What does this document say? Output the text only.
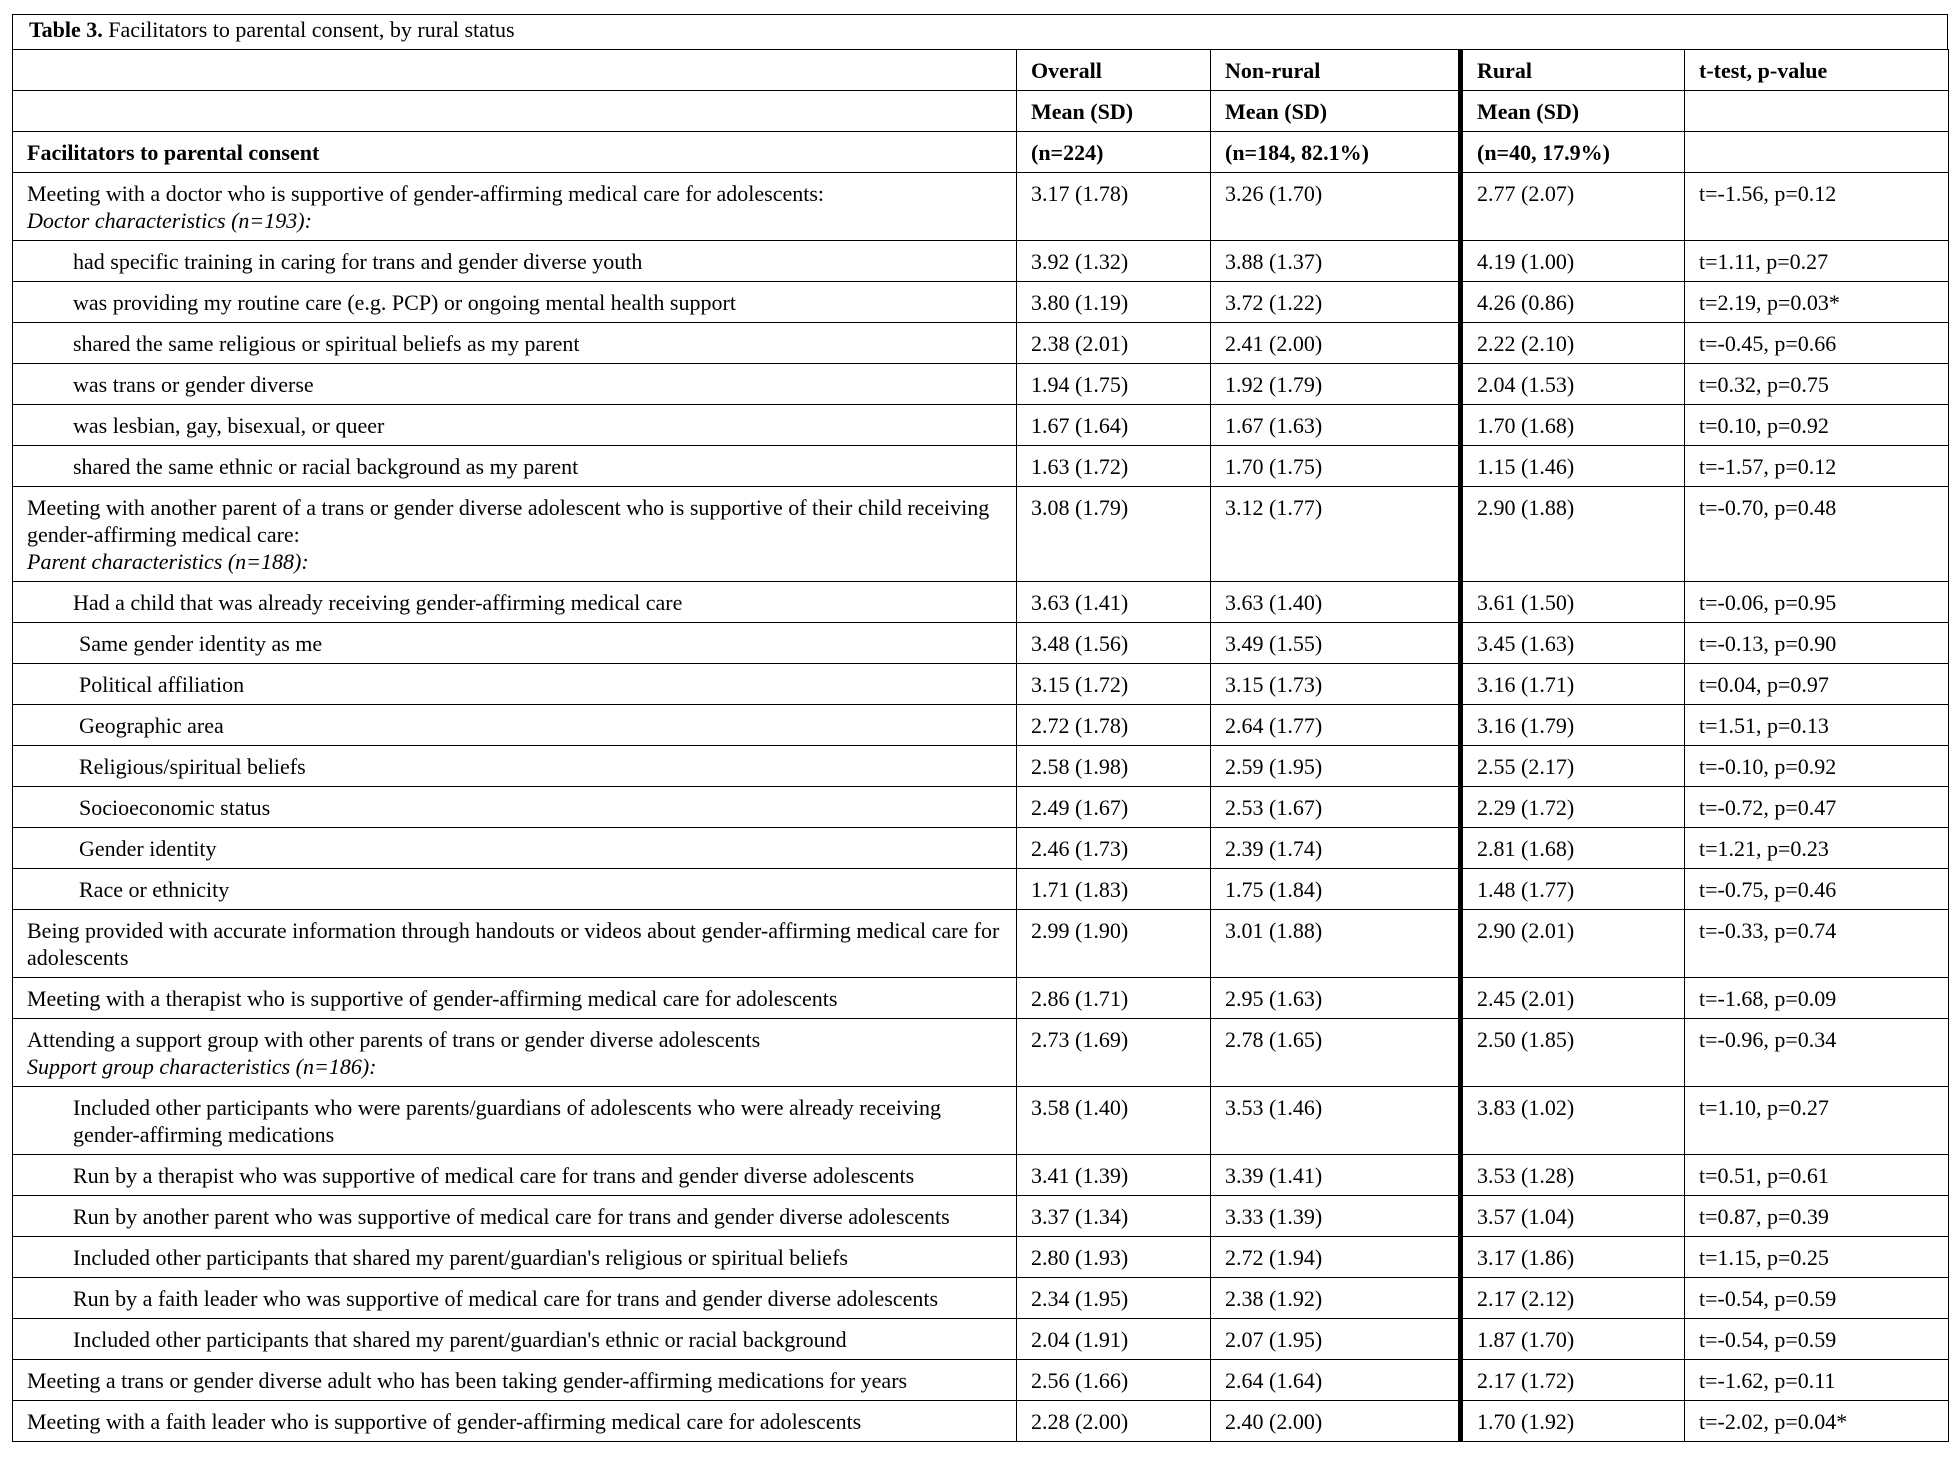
Table 3. Facilitators to parental consent, by rural status
	Overall	Non-rural	Rural	t-test, p-value
	Mean (SD)	Mean (SD)	Mean (SD)	
Facilitators to parental consent	(n=224)	(n=184, 82.1%)	(n=40, 17.9%)	
Meeting with a doctor who is supportive of gender-affirming medical care for adolescents:
Doctor characteristics (n=193):	3.17 (1.78)	3.26 (1.70)	2.77 (2.07)	t=-1.56, p=0.12
had specific training in caring for trans and gender diverse youth	3.92 (1.32)	3.88 (1.37)	4.19 (1.00)	t=1.11, p=0.27
was providing my routine care (e.g. PCP) or ongoing mental health support	3.80 (1.19)	3.72 (1.22)	4.26 (0.86)	t=2.19, p=0.03*
shared the same religious or spiritual beliefs as my parent	2.38 (2.01)	2.41 (2.00)	2.22 (2.10)	t=-0.45, p=0.66
was trans or gender diverse	1.94 (1.75)	1.92 (1.79)	2.04 (1.53)	t=0.32, p=0.75
was lesbian, gay, bisexual, or queer	1.67 (1.64)	1.67 (1.63)	1.70 (1.68)	t=0.10, p=0.92
shared the same ethnic or racial background as my parent	1.63 (1.72)	1.70 (1.75)	1.15 (1.46)	t=-1.57, p=0.12
Meeting with another parent of a trans or gender diverse adolescent who is supportive of their child receiving gender-affirming medical care:
Parent characteristics (n=188):	3.08 (1.79)	3.12 (1.77)	2.90 (1.88)	t=-0.70, p=0.48
Had a child that was already receiving gender-affirming medical care	3.63 (1.41)	3.63 (1.40)	3.61 (1.50)	t=-0.06, p=0.95
Same gender identity as me	3.48 (1.56)	3.49 (1.55)	3.45 (1.63)	t=-0.13, p=0.90
Political affiliation	3.15 (1.72)	3.15 (1.73)	3.16 (1.71)	t=0.04, p=0.97
Geographic area	2.72 (1.78)	2.64 (1.77)	3.16 (1.79)	t=1.51, p=0.13
Religious/spiritual beliefs	2.58 (1.98)	2.59 (1.95)	2.55 (2.17)	t=-0.10, p=0.92
Socioeconomic status	2.49 (1.67)	2.53 (1.67)	2.29 (1.72)	t=-0.72, p=0.47
Gender identity	2.46 (1.73)	2.39 (1.74)	2.81 (1.68)	t=1.21, p=0.23
Race or ethnicity	1.71 (1.83)	1.75 (1.84)	1.48 (1.77)	t=-0.75, p=0.46
Being provided with accurate information through handouts or videos about gender-affirming medical care for adolescents	2.99 (1.90)	3.01 (1.88)	2.90 (2.01)	t=-0.33, p=0.74
Meeting with a therapist who is supportive of gender-affirming medical care for adolescents	2.86 (1.71)	2.95 (1.63)	2.45 (2.01)	t=-1.68, p=0.09
Attending a support group with other parents of trans or gender diverse adolescents
Support group characteristics (n=186):	2.73 (1.69)	2.78 (1.65)	2.50 (1.85)	t=-0.96, p=0.34
Included other participants who were parents/guardians of adolescents who were already receiving gender-affirming medications	3.58 (1.40)	3.53 (1.46)	3.83 (1.02)	t=1.10, p=0.27
Run by a therapist who was supportive of medical care for trans and gender diverse adolescents	3.41 (1.39)	3.39 (1.41)	3.53 (1.28)	t=0.51, p=0.61
Run by another parent who was supportive of medical care for trans and gender diverse adolescents	3.37 (1.34)	3.33 (1.39)	3.57 (1.04)	t=0.87, p=0.39
Included other participants that shared my parent/guardian's religious or spiritual beliefs	2.80 (1.93)	2.72 (1.94)	3.17 (1.86)	t=1.15, p=0.25
Run by a faith leader who was supportive of medical care for trans and gender diverse adolescents	2.34 (1.95)	2.38 (1.92)	2.17 (2.12)	t=-0.54, p=0.59
Included other participants that shared my parent/guardian's ethnic or racial background	2.04 (1.91)	2.07 (1.95)	1.87 (1.70)	t=-0.54, p=0.59
Meeting a trans or gender diverse adult who has been taking gender-affirming medications for years	2.56 (1.66)	2.64 (1.64)	2.17 (1.72)	t=-1.62, p=0.11
Meeting with a faith leader who is supportive of gender-affirming medical care for adolescents	2.28 (2.00)	2.40 (2.00)	1.70 (1.92)	t=-2.02, p=0.04*
